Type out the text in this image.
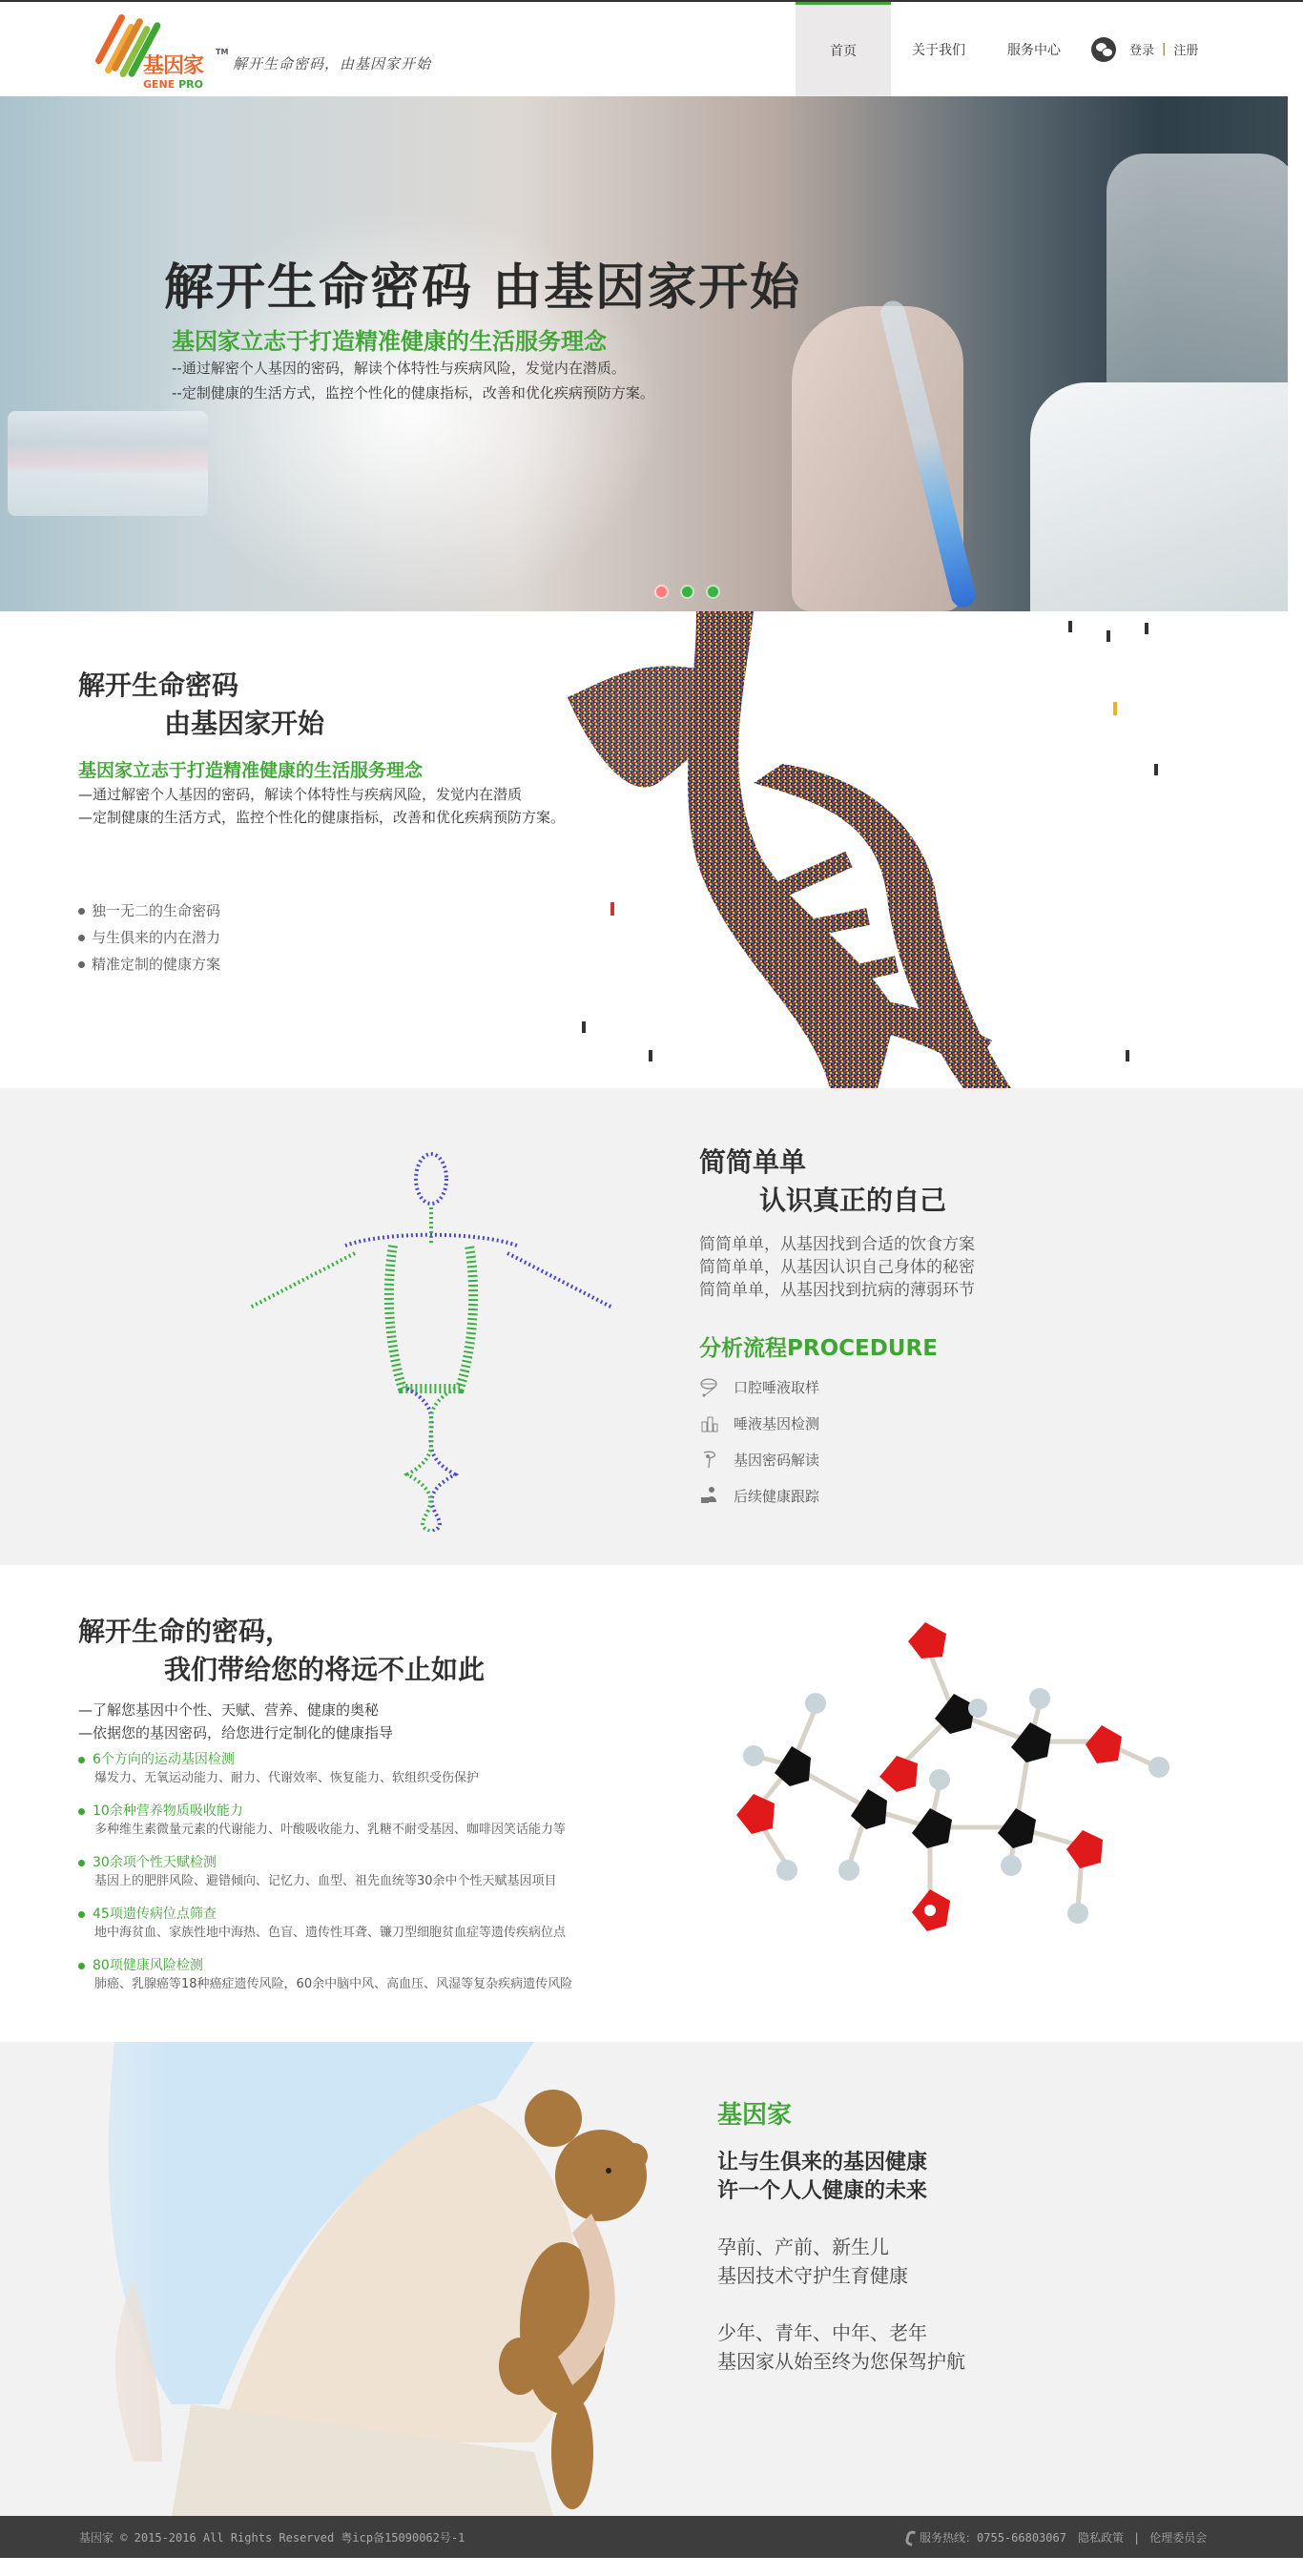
基因家
TM
GENE PRO
解开生命密码，由基因家开始
首页	关于我们	服务中心	登录 | 注册
解开生命密码 由基因家开始
基因家立志于打造精准健康的生活服务理念
--通过解密个人基因的密码，解读个体特性与疾病风险，发觉内在潜质。
--定制健康的生活方式，监控个性化的健康指标，改善和优化疾病预防方案。
解开生命密码
由基因家开始
基因家立志于打造精准健康的生活服务理念

—通过解密个人基因的密码，解读个体特性与疾病风险，发觉内在潜质
—定制健康的生活方式，监控个性化的健康指标，改善和优化疾病预防方案。

独一无二的生命密码
与生俱来的内在潜力
精准定制的健康方案
简简单单
认识真正的自己

简简单单，从基因找到合适的饮食方案
简简单单，从基因认识自己身体的秘密
简简单单，从基因找到抗病的薄弱环节

分析流程PROCEDURE
口腔唾液取样
唾液基因检测
基因密码解读
后续健康跟踪
解开生命的密码，
我们带给您的将远不止如此

—了解您基因中个性、天赋、营养、健康的奥秘
—依据您的基因密码，给您进行定制化的健康指导

6个方向的运动基因检测
爆发力、无氧运动能力、耐力、代谢效率、恢复能力、软组织受伤保护
10余种营养物质吸收能力
多种维生素微量元素的代谢能力、叶酸吸收能力、乳糖不耐受基因、咖啡因笑话能力等
30余项个性天赋检测
基因上的肥胖风险、避错倾向、记忆力、血型、祖先血统等30余中个性天赋基因项目
45项遗传病位点筛查
地中海贫血、家族性地中海热、色盲、遗传性耳聋、镰刀型细胞贫血症等遗传疾病位点
80项健康风险检测
肺癌、乳腺癌等18种癌症遗传风险，60余中脑中风、高血压、风湿等复杂疾病遗传风险
基因家
让与生俱来的基因健康
许一个人人健康的未来
孕前、产前、新生儿
基因技术守护生育健康
少年、青年、中年、老年
基因家从始至终为您保驾护航
基因家 © 2015-2016 All Rights Reserved 粤icp备15090062号-1	服务热线： 0755-66803067 隐私政策 | 伦理委员会
